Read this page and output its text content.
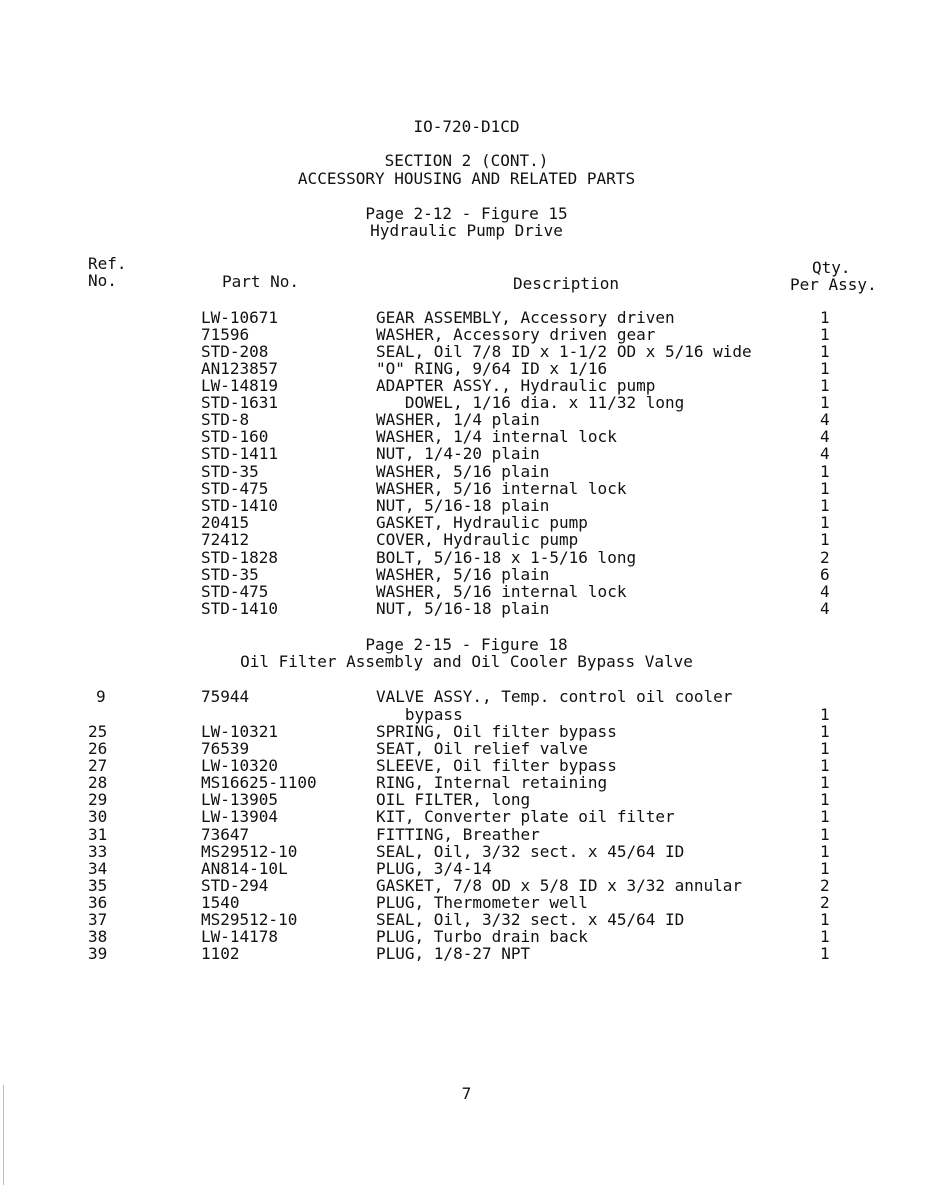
IO-720-D1CD
SECTION 2 (CONT.)
ACCESSORY HOUSING AND RELATED PARTS
Page 2-12 - Figure 15
Hydraulic Pump Drive
Ref.
No.	Part No.	Description
Qty.
Per Assy.
LW-10671	GEAR ASSEMBLY, Accessory driven	1
71596	WASHER, Accessory driven gear	1
STD-208	SEAL, Oil 7/8 ID x 1-1/2 OD x 5/16 wide	1
AN123857	"O" RING, 9/64 ID x 1/16	1
LW-14819	ADAPTER ASSY., Hydraulic pump	1
STD-1631	DOWEL, 1/16 dia. x 11/32 long	1
STD-8	WASHER, 1/4 plain	4
STD-160	WASHER, 1/4 internal lock	4
STD-1411	NUT, 1/4-20 plain	4
STD-35	WASHER, 5/16 plain	1
STD-475	WASHER, 5/16 internal lock	1
STD-1410	NUT, 5/16-18 plain	1
20415	GASKET, Hydraulic pump	1
72412	COVER, Hydraulic pump	1
STD-1828	BOLT, 5/16-18 x 1-5/16 long	2
STD-35	WASHER, 5/16 plain	6
STD-475	WASHER, 5/16 internal lock	4
STD-1410	NUT, 5/16-18 plain	4
Page 2-15 - Figure 18
Oil Filter Assembly and Oil Cooler Bypass Valve
9	75944	VALVE ASSY., Temp. control oil cooler
bypass	1
25	LW-10321	SPRING, Oil filter bypass	1
26	76539	SEAT, Oil relief valve	1
27	LW-10320	SLEEVE, Oil filter bypass	1
28	MS16625-1100	RING, Internal retaining	1
29	LW-13905	OIL FILTER, long	1
30	LW-13904	KIT, Converter plate oil filter	1
31	73647	FITTING, Breather	1
33	MS29512-10	SEAL, Oil, 3/32 sect. x 45/64 ID	1
34	AN814-10L	PLUG, 3/4-14	1
35	STD-294	GASKET, 7/8 OD x 5/8 ID x 3/32 annular	2
36	1540	PLUG, Thermometer well	2
37	MS29512-10	SEAL, Oil, 3/32 sect. x 45/64 ID	1
38	LW-14178	PLUG, Turbo drain back	1
39	1102	PLUG, 1/8-27 NPT	1
7
